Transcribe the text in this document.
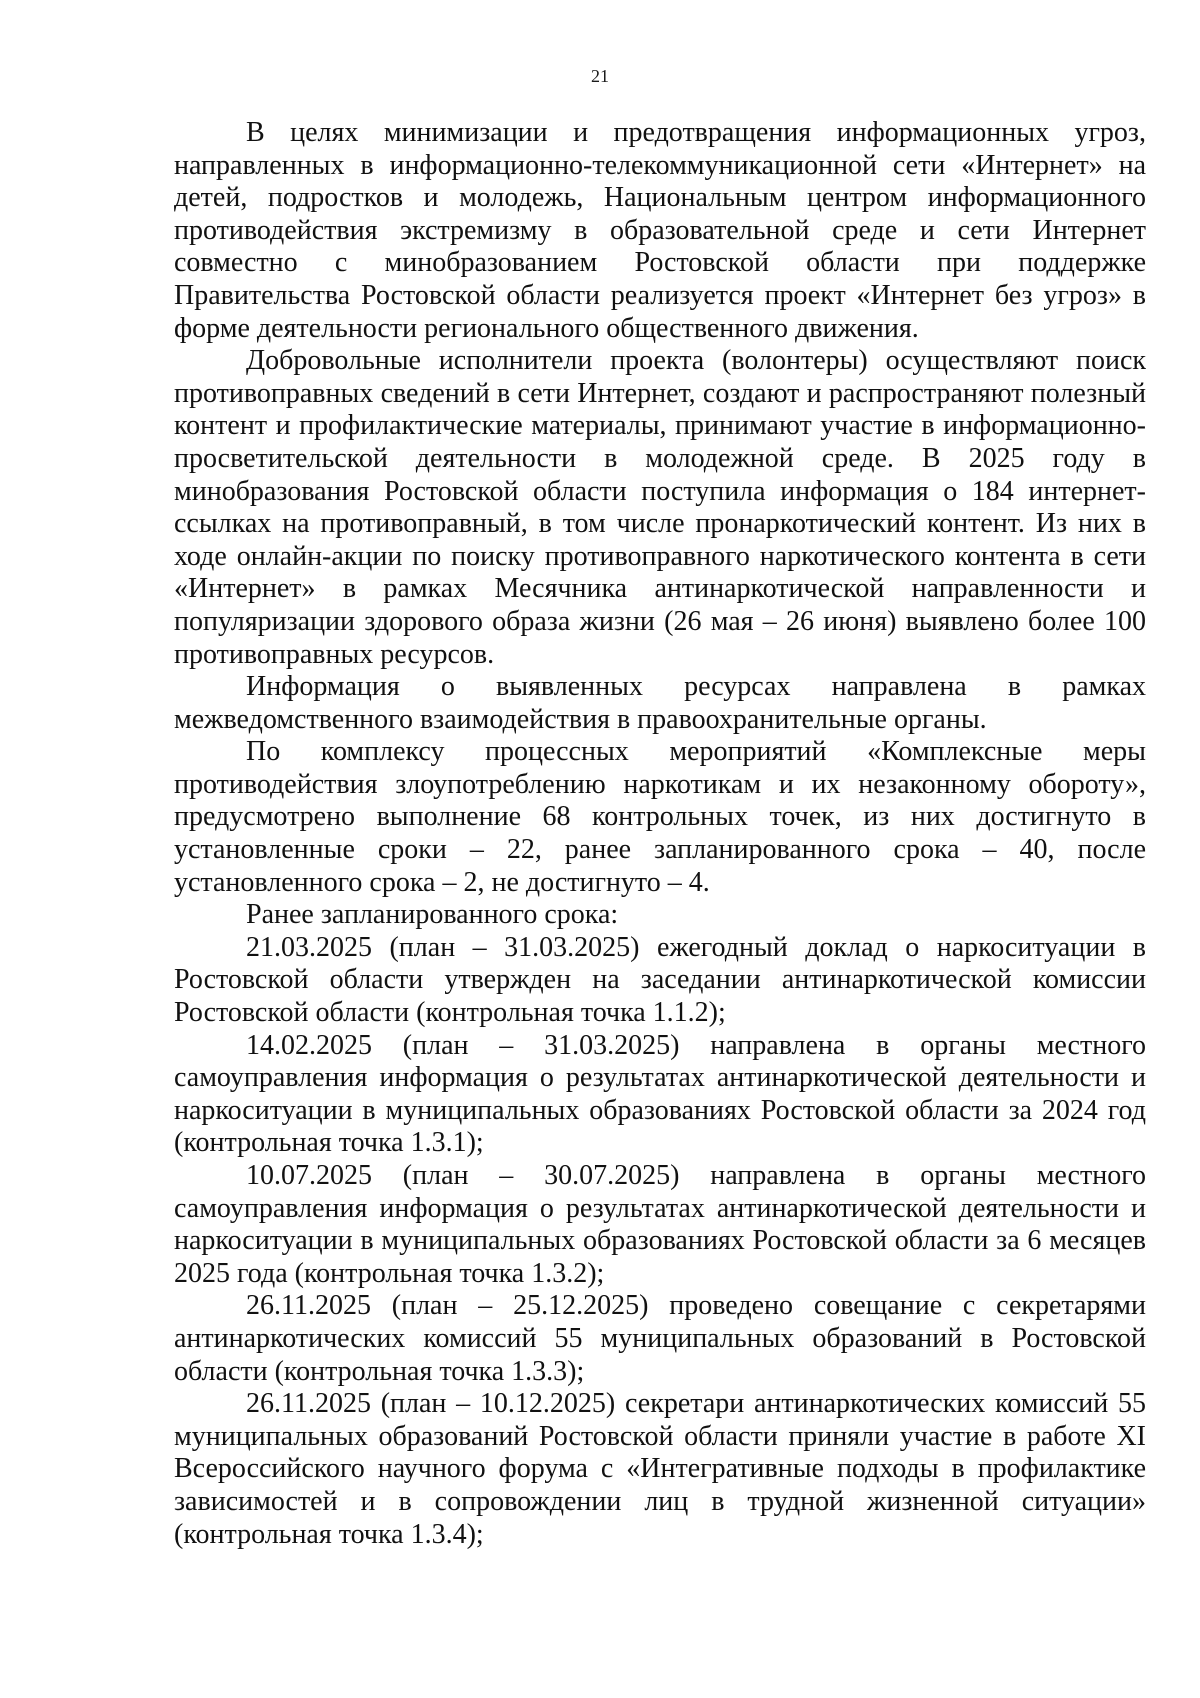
21

В целях минимизации и предотвращения информационных угроз, направленных в информационно-телекоммуникационной сети «Интернет» на детей, подростков и молодежь, Национальным центром информационного противодействия экстремизму в образовательной среде и сети Интернет совместно с минобразованием Ростовской области при поддержке Правительства Ростовской области реализуется проект «Интернет без угроз» в форме деятельности регионального общественного движения.

Добровольные исполнители проекта (волонтеры) осуществляют поиск противоправных сведений в сети Интернет, создают и распространяют полезный контент и профилактические материалы, принимают участие в информационно-просветительской деятельности в молодежной среде. В 2025 году в минобразования Ростовской области поступила информация о 184 интернет-ссылках на противоправный, в том числе пронаркотический контент. Из них в ходе онлайн-акции по поиску противоправного наркотического контента в сети «Интернет» в рамках Месячника антинаркотической направленности и популяризации здорового образа жизни (26 мая – 26 июня) выявлено более 100 противоправных ресурсов.

Информация о выявленных ресурсах направлена в рамках межведомственного взаимодействия в правоохранительные органы.

По комплексу процессных мероприятий «Комплексные меры противодействия злоупотреблению наркотикам и их незаконному обороту», предусмотрено выполнение 68 контрольных точек, из них достигнуто в установленные сроки – 22, ранее запланированного срока – 40, после установленного срока – 2, не достигнуто – 4.

Ранее запланированного срока:

21.03.2025 (план – 31.03.2025) ежегодный доклад о наркоситуации в Ростовской области утвержден на заседании антинаркотической комиссии Ростовской области (контрольная точка 1.1.2);

14.02.2025 (план – 31.03.2025) направлена в органы местного самоуправления информация о результатах антинаркотической деятельности и наркоситуации в муниципальных образованиях Ростовской области за 2024 год (контрольная точка 1.3.1);

10.07.2025 (план – 30.07.2025) направлена в органы местного самоуправления информация о результатах антинаркотической деятельности и наркоситуации в муниципальных образованиях Ростовской области за 6 месяцев 2025 года (контрольная точка 1.3.2);

26.11.2025 (план – 25.12.2025) проведено совещание с секретарями антинаркотических комиссий 55 муниципальных образований в Ростовской области (контрольная точка 1.3.3);

26.11.2025 (план – 10.12.2025) секретари антинаркотических комиссий 55 муниципальных образований Ростовской области приняли участие в работе XI Всероссийского научного форума с «Интегративные подходы в профилактике зависимостей и в сопровождении лиц в трудной жизненной ситуации» (контрольная точка 1.3.4);
